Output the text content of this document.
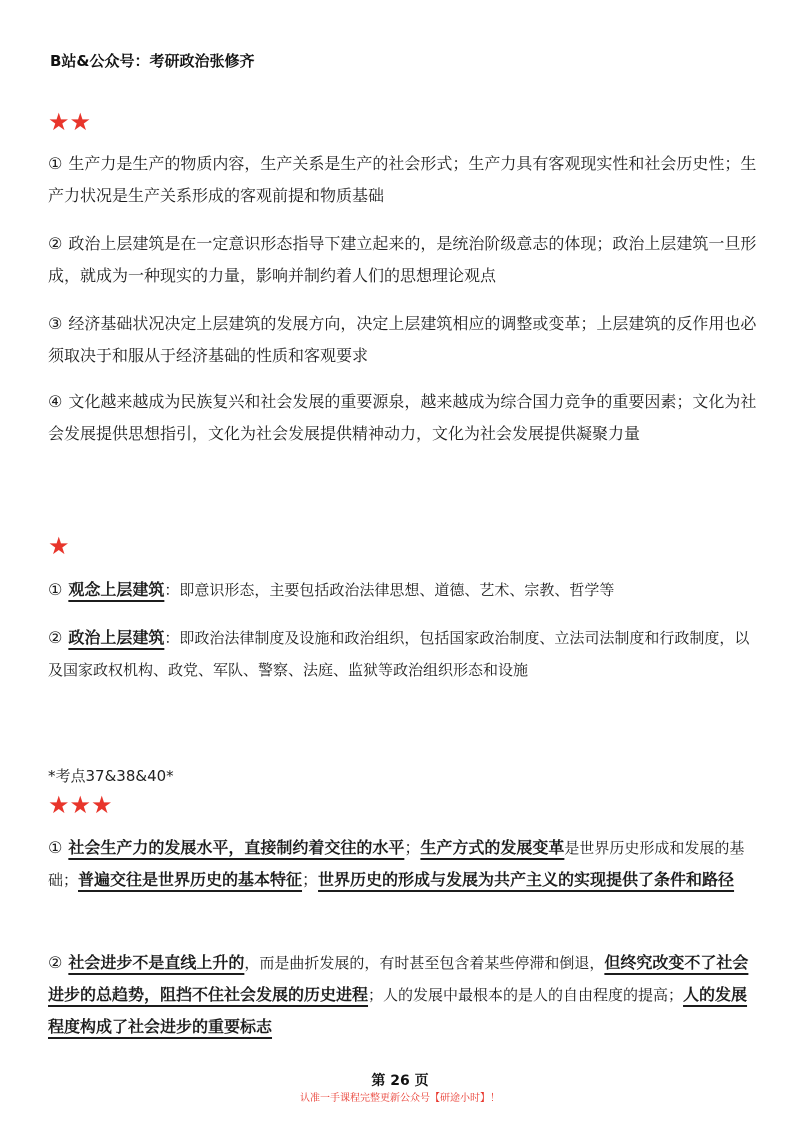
B站&公众号：考研政治张修齐
★★
① 生产力是生产的物质内容，生产关系是生产的社会形式；生产力具有客观现实性和社会历史性；生产力状况是生产关系形成的客观前提和物质基础
② 政治上层建筑是在一定意识形态指导下建立起来的，是统治阶级意志的体现；政治上层建筑一旦形成，就成为一种现实的力量，影响并制约着人们的思想理论观点
③ 经济基础状况决定上层建筑的发展方向，决定上层建筑相应的调整或变革；上层建筑的反作用也必须取决于和服从于经济基础的性质和客观要求
④ 文化越来越成为民族复兴和社会发展的重要源泉，越来越成为综合国力竞争的重要因素；文化为社会发展提供思想指引，文化为社会发展提供精神动力，文化为社会发展提供凝聚力量
★
① 观念上层建筑：即意识形态，主要包括政治法律思想、道德、艺术、宗教、哲学等
② 政治上层建筑：即政治法律制度及设施和政治组织，包括国家政治制度、立法司法制度和行政制度，以及国家政权机构、政党、军队、警察、法庭、监狱等政治组织形态和设施
*考点37&38&40*
★★★
① 社会生产力的发展水平，直接制约着交往的水平；生产方式的发展变革是世界历史形成和发展的基础；普遍交往是世界历史的基本特征；世界历史的形成与发展为共产主义的实现提供了条件和路径
② 社会进步不是直线上升的，而是曲折发展的，有时甚至包含着某些停滞和倒退，但终究改变不了社会进步的总趋势，阻挡不住社会发展的历史进程；人的发展中最根本的是人的自由程度的提高；人的发展程度构成了社会进步的重要标志
第 26 页
认准一手课程完整更新公众号【研途小时】！
